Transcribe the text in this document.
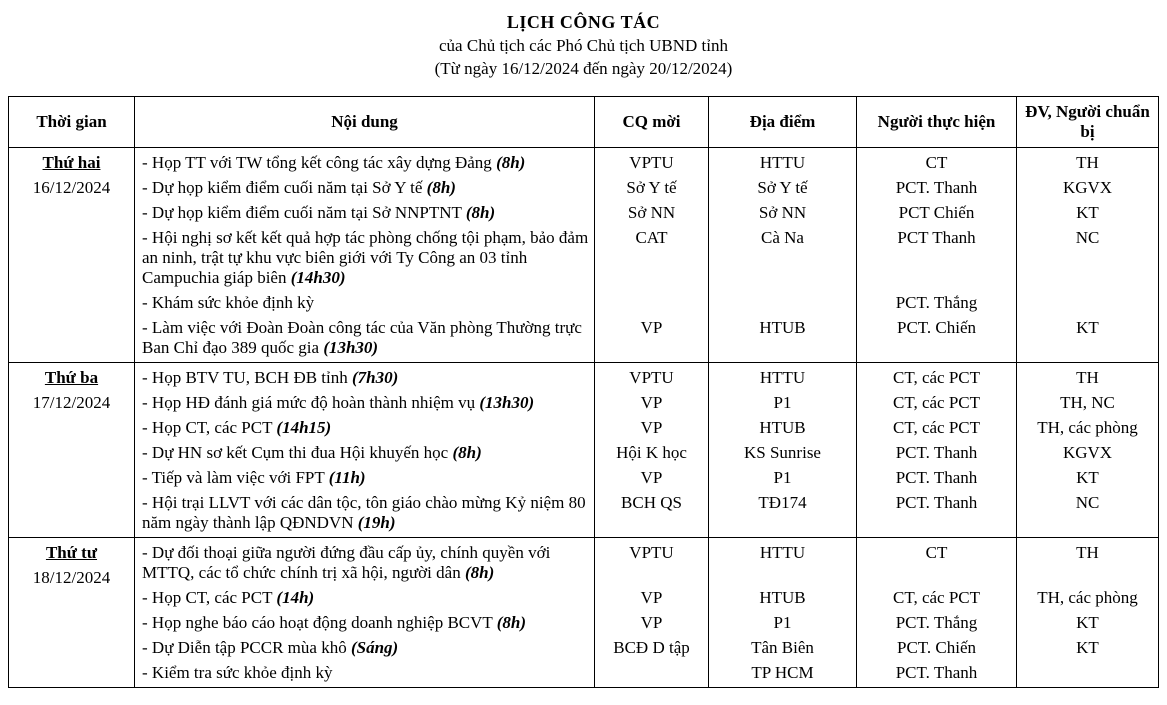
LỊCH CÔNG TÁC
của Chủ tịch các Phó Chủ tịch UBND tỉnh
(Từ ngày 16/12/2024 đến ngày 20/12/2024)
Thời gian	Nội dung	CQ mời	Địa điểm	Người thực hiện	ĐV, Người chuẩn bị

Thứ hai
16/12/2024	- Họp TT với TW tổng kết công tác xây dựng Đảng (8h)	VPTU	HTTU	CT	TH
	- Dự họp kiểm điểm cuối năm tại Sở Y tế (8h)	Sở Y tế	Sở Y tế	PCT. Thanh	KGVX
	- Dự họp kiểm điểm cuối năm tại Sở NNPTNT (8h)	Sở NN	Sở NN	PCT Chiến	KT
	- Hội nghị sơ kết kết quả hợp tác phòng chống tội phạm, bảo đảm an ninh, trật tự khu vực biên giới với Ty Công an 03 tỉnh Campuchia giáp biên (14h30)	CAT	Cà Na	PCT Thanh	NC
	- Khám sức khỏe định kỳ			PCT. Thắng	
	- Làm việc với Đoàn Đoàn công tác của Văn phòng Thường trực Ban Chỉ đạo 389 quốc gia (13h30)	VP	HTUB	PCT. Chiến	KT

Thứ ba
17/12/2024	- Họp BTV TU, BCH ĐB tỉnh (7h30)	VPTU	HTTU	CT, các PCT	TH
	- Họp HĐ đánh giá mức độ hoàn thành nhiệm vụ (13h30)	VP	P1	CT, các PCT	TH, NC
	- Họp CT, các PCT (14h15)	VP	HTUB	CT, các PCT	TH, các phòng
	- Dự HN sơ kết Cụm thi đua Hội khuyến học (8h)	Hội K học	KS Sunrise	PCT. Thanh	KGVX
	- Tiếp và làm việc với FPT (11h)	VP	P1	PCT. Thanh	KT
	- Hội trại LLVT với các dân tộc, tôn giáo chào mừng Kỷ niệm 80 năm ngày thành lập QĐNDVN (19h)	BCH QS	TĐ174	PCT. Thanh	NC

Thứ tư
18/12/2024	- Dự đối thoại giữa người đứng đầu cấp ủy, chính quyền với MTTQ, các tổ chức chính trị xã hội, người dân (8h)	VPTU	HTTU	CT	TH
	- Họp CT, các PCT (14h)	VP	HTUB	CT, các PCT	TH, các phòng
	- Họp nghe báo cáo hoạt động doanh nghiệp BCVT (8h)	VP	P1	PCT. Thắng	KT
	- Dự Diễn tập PCCR mùa khô (Sáng)	BCĐ D tập	Tân Biên	PCT. Chiến	KT
	- Kiểm tra sức khỏe định kỳ		TP HCM	PCT. Thanh	
